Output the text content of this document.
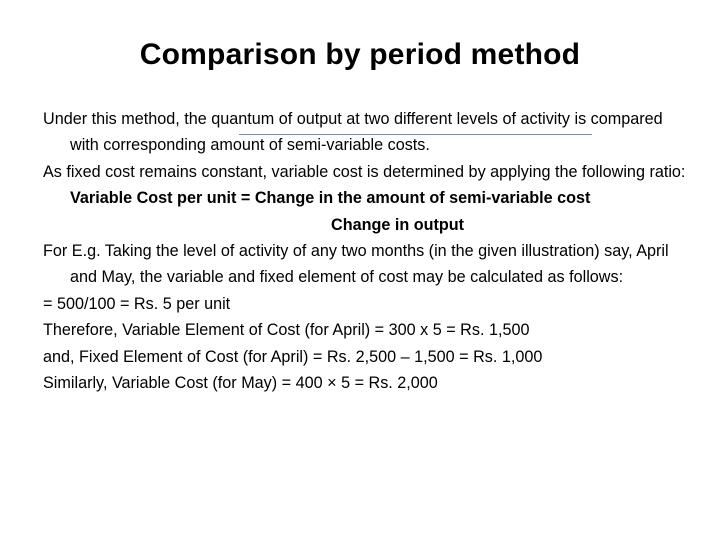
Comparison by period method

Under this method, the quantum of output at two different levels of activity is compared with corresponding amount of semi-variable costs.

As fixed cost remains constant, variable cost is determined by applying the following ratio:

Variable Cost per unit = Change in the amount of semi-variable cost
Change in output

For E.g. Taking the level of activity of any two months (in the given illustration) say, April and May, the variable and fixed element of cost may be calculated as follows:

= 500/100 = Rs. 5 per unit

Therefore, Variable Element of Cost (for April) = 300 x 5 = Rs. 1,500

and, Fixed Element of Cost (for April) = Rs. 2,500 – 1,500 = Rs. 1,000

Similarly, Variable Cost (for May) = 400 × 5 = Rs. 2,000
